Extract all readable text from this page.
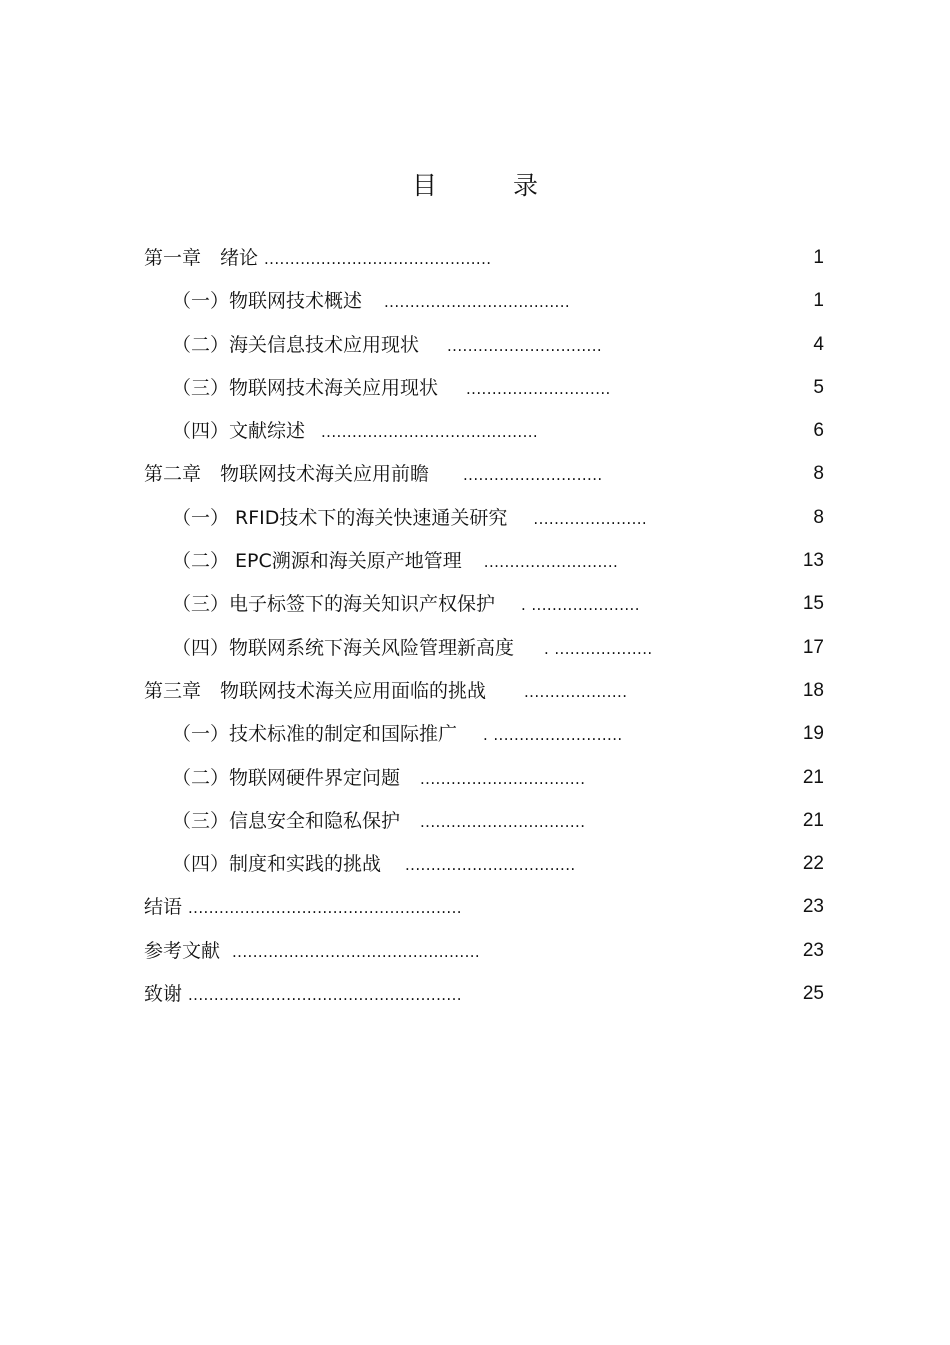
目 录
第一章　绪论 ............................................	1
（一）物联网技术概述 ....................................	1
（二）海关信息技术应用现状 ..............................	4
（三）物联网技术海关应用现状 ............................	5
（四）文献综述 ..........................................	6
第二章　物联网技术海关应用前瞻 ...........................	8
（一） RFID技术下的海关快速通关研究 ......................	8
（二） EPC溯源和海关原产地管理 ..........................	13
（三）电子标签下的海关知识产权保护 . .....................	15
（四）物联网系统下海关风险管理新高度 . ...................	17
第三章　物联网技术海关应用面临的挑战	....................	18
（一）技术标准的制定和国际推广 . .........................	19
（二）物联网硬件界定问题 ................................	21
（三）信息安全和隐私保护 ................................	21
（四）制度和实践的挑战 .................................	22
结语 .....................................................	23
参考文献 ................................................	23
致谢 .....................................................	25
